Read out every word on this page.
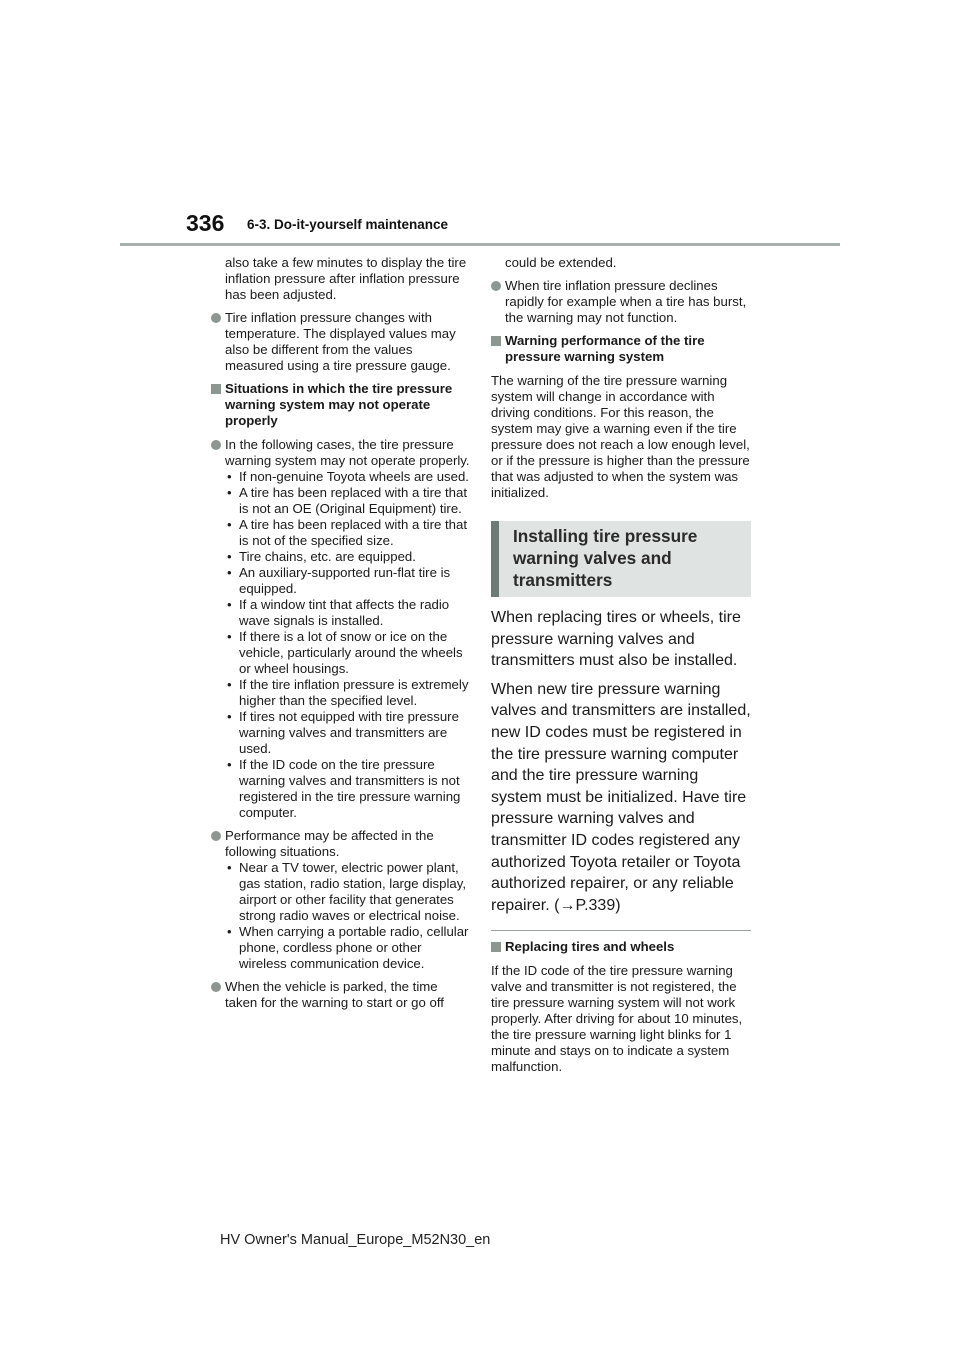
336 6-3. Do-it-yourself maintenance

also take a few minutes to display the tire inflation pressure after inflation pressure has been adjusted.

Tire inflation pressure changes with temperature. The displayed values may also be different from the values measured using a tire pressure gauge.
Situations in which the tire pressure warning system may not operate properly
In the following cases, the tire pressure warning system may not operate properly.
• If non-genuine Toyota wheels are used.
• A tire has been replaced with a tire that is not an OE (Original Equipment) tire.
• A tire has been replaced with a tire that is not of the specified size.
• Tire chains, etc. are equipped.
• An auxiliary-supported run-flat tire is equipped.
• If a window tint that affects the radio wave signals is installed.
• If there is a lot of snow or ice on the vehicle, particularly around the wheels or wheel housings.
• If the tire inflation pressure is extremely higher than the specified level.
• If tires not equipped with tire pressure warning valves and transmitters are used.
• If the ID code on the tire pressure warning valves and transmitters is not registered in the tire pressure warning computer.
Performance may be affected in the following situations.
• Near a TV tower, electric power plant, gas station, radio station, large display, airport or other facility that generates strong radio waves or electrical noise.
• When carrying a portable radio, cellular phone, cordless phone or other wireless communication device.
When the vehicle is parked, the time taken for the warning to start or go off

could be extended.

When tire inflation pressure declines rapidly for example when a tire has burst, the warning may not function.
Warning performance of the tire pressure warning system

The warning of the tire pressure warning system will change in accordance with driving conditions. For this reason, the system may give a warning even if the tire pressure does not reach a low enough level, or if the pressure is higher than the pressure that was adjusted to when the system was initialized.

Installing tire pressure warning valves and transmitters

When replacing tires or wheels, tire pressure warning valves and transmitters must also be installed.

When new tire pressure warning valves and transmitters are installed, new ID codes must be registered in the tire pressure warning computer and the tire pressure warning system must be initialized. Have tire pressure warning valves and transmitter ID codes registered any authorized Toyota retailer or Toyota authorized repairer, or any reliable repairer. (→P.339)

Replacing tires and wheels

If the ID code of the tire pressure warning valve and transmitter is not registered, the tire pressure warning system will not work properly. After driving for about 10 minutes, the tire pressure warning light blinks for 1 minute and stays on to indicate a system malfunction.

HV Owner's Manual_Europe_M52N30_en
